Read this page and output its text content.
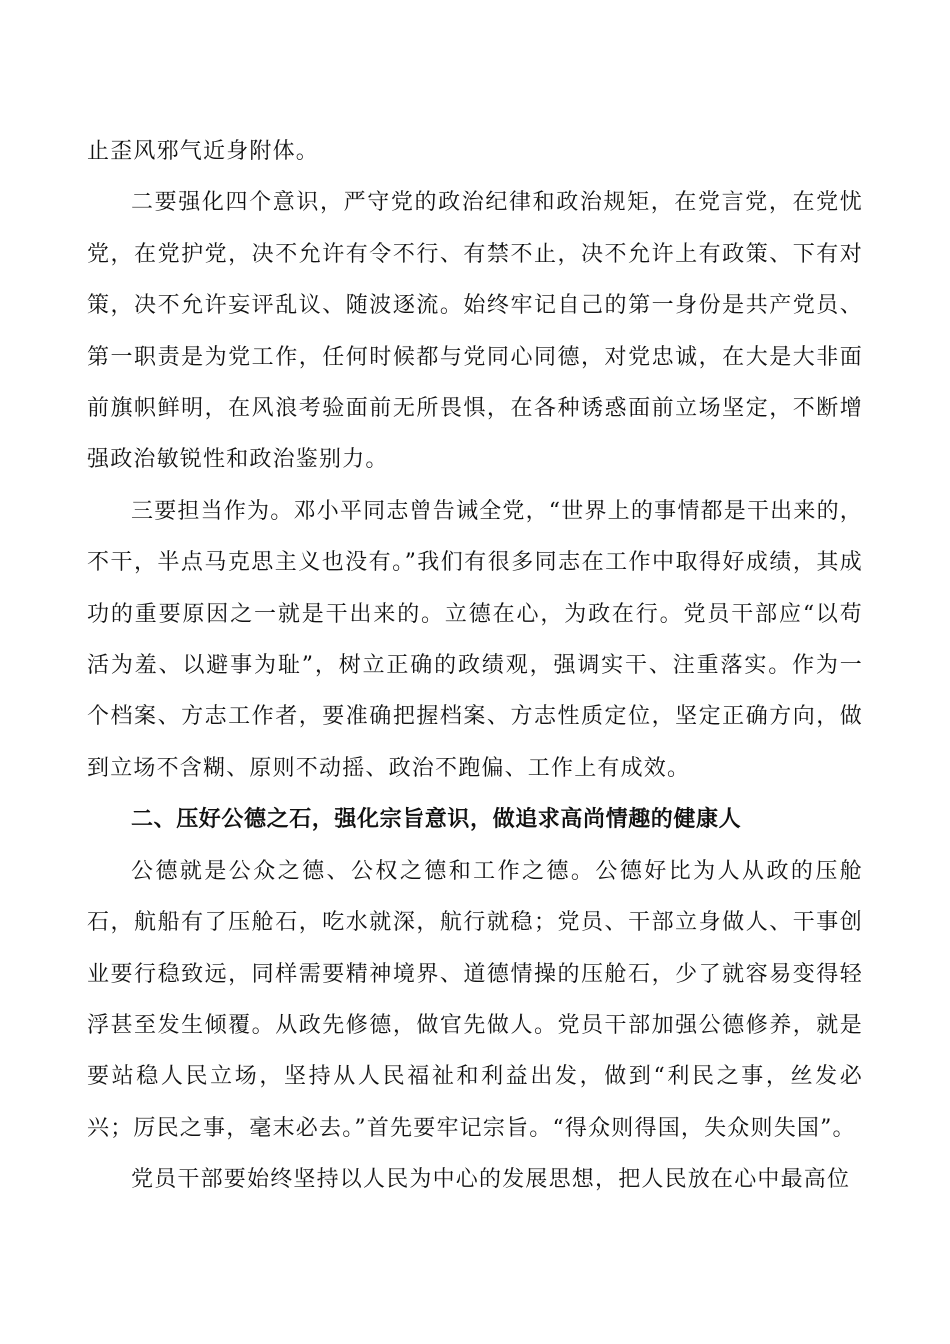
止歪风邪气近身附体。

二要强化四个意识，严守党的政治纪律和政治规矩，在党言党，在党忧党，在党护党，决不允许有令不行、有禁不止，决不允许上有政策、下有对策，决不允许妄评乱议、随波逐流。始终牢记自己的第一身份是共产党员、第一职责是为党工作，任何时候都与党同心同德，对党忠诚，在大是大非面前旗帜鲜明，在风浪考验面前无所畏惧，在各种诱惑面前立场坚定，不断增强政治敏锐性和政治鉴别力。

三要担当作为。邓小平同志曾告诫全党，“世界上的事情都是干出来的，不干，半点马克思主义也没有。”我们有很多同志在工作中取得好成绩，其成功的重要原因之一就是干出来的。立德在心，为政在行。党员干部应“以苟活为羞、以避事为耻”，树立正确的政绩观，强调实干、注重落实。作为一个档案、方志工作者，要准确把握档案、方志性质定位，坚定正确方向，做到立场不含糊、原则不动摇、政治不跑偏、工作上有成效。

二、压好公德之石，强化宗旨意识，做追求高尚情趣的健康人

公德就是公众之德、公权之德和工作之德。公德好比为人从政的压舱石，航船有了压舱石，吃水就深，航行就稳；党员、干部立身做人、干事创业要行稳致远，同样需要精神境界、道德情操的压舱石，少了就容易变得轻浮甚至发生倾覆。从政先修德，做官先做人。党员干部加强公德修养，就是要站稳人民立场，坚持从人民福祉和利益出发，做到“利民之事，丝发必兴；厉民之事，毫末必去。”首先要牢记宗旨。“得众则得国，失众则失国”。

党员干部要始终坚持以人民为中心的发展思想，把人民放在心中最高位
